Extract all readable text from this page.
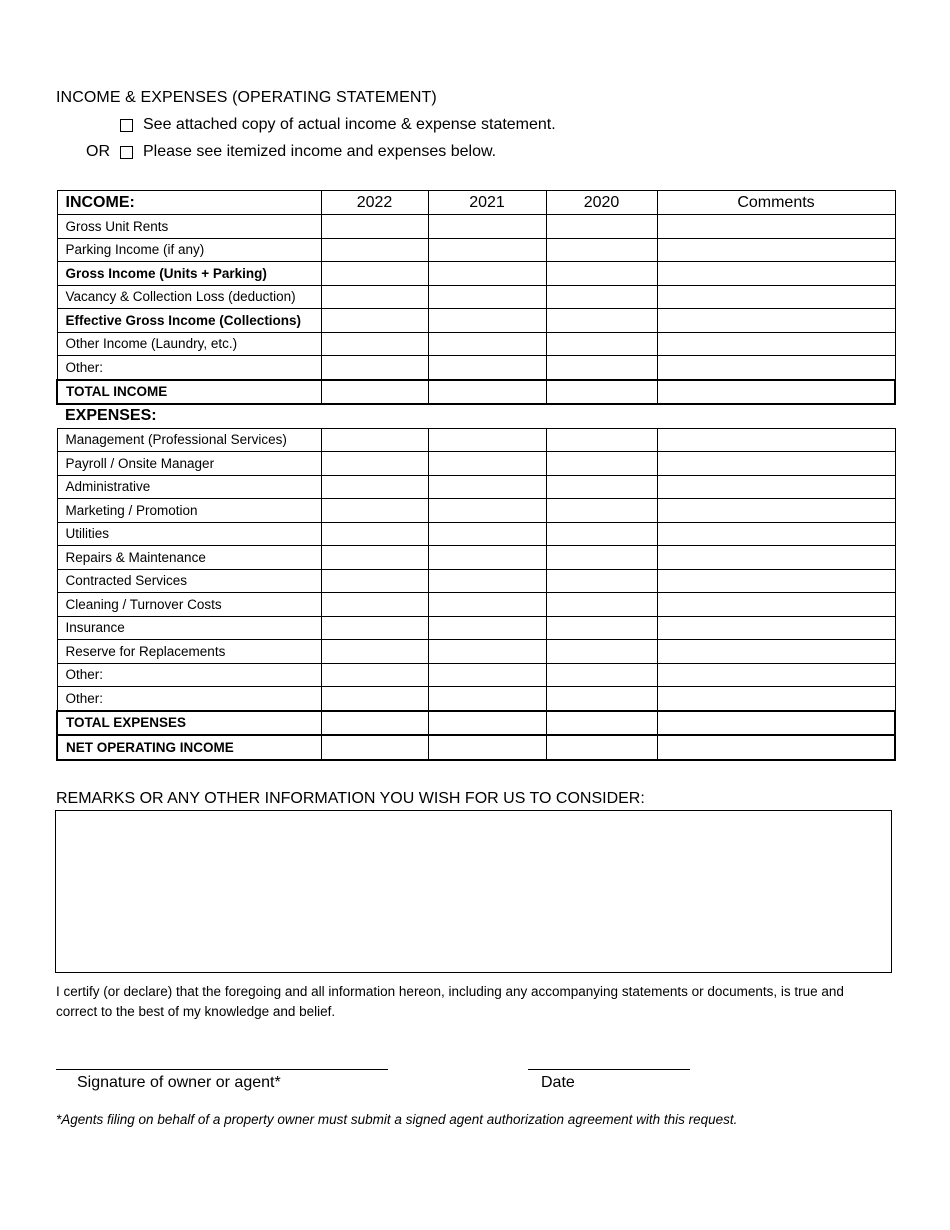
INCOME & EXPENSES (OPERATING STATEMENT)
See attached copy of actual income & expense statement.
OR	Please see itemized income and expenses below.
INCOME:	2022	2021	2020	Comments
Gross Unit Rents				
Parking Income (if any)				
Gross Income (Units + Parking)				
Vacancy & Collection Loss (deduction)				
Effective Gross Income (Collections)				
Other Income (Laundry, etc.)				
Other:				
TOTAL INCOME				
EXPENSES:				
Management (Professional Services)				
Payroll / Onsite Manager				
Administrative				
Marketing / Promotion				
Utilities				
Repairs & Maintenance				
Contracted Services				
Cleaning / Turnover Costs				
Insurance				
Reserve for Replacements				
Other:				
Other:				
TOTAL EXPENSES				
NET OPERATING INCOME				
REMARKS OR ANY OTHER INFORMATION YOU WISH FOR US TO CONSIDER:
I certify (or declare) that the foregoing and all information hereon, including any accompanying statements or documents, is true and correct to the best of my knowledge and belief.
Signature of owner or agent*	Date
*Agents filing on behalf of a property owner must submit a signed agent authorization agreement with this request.
